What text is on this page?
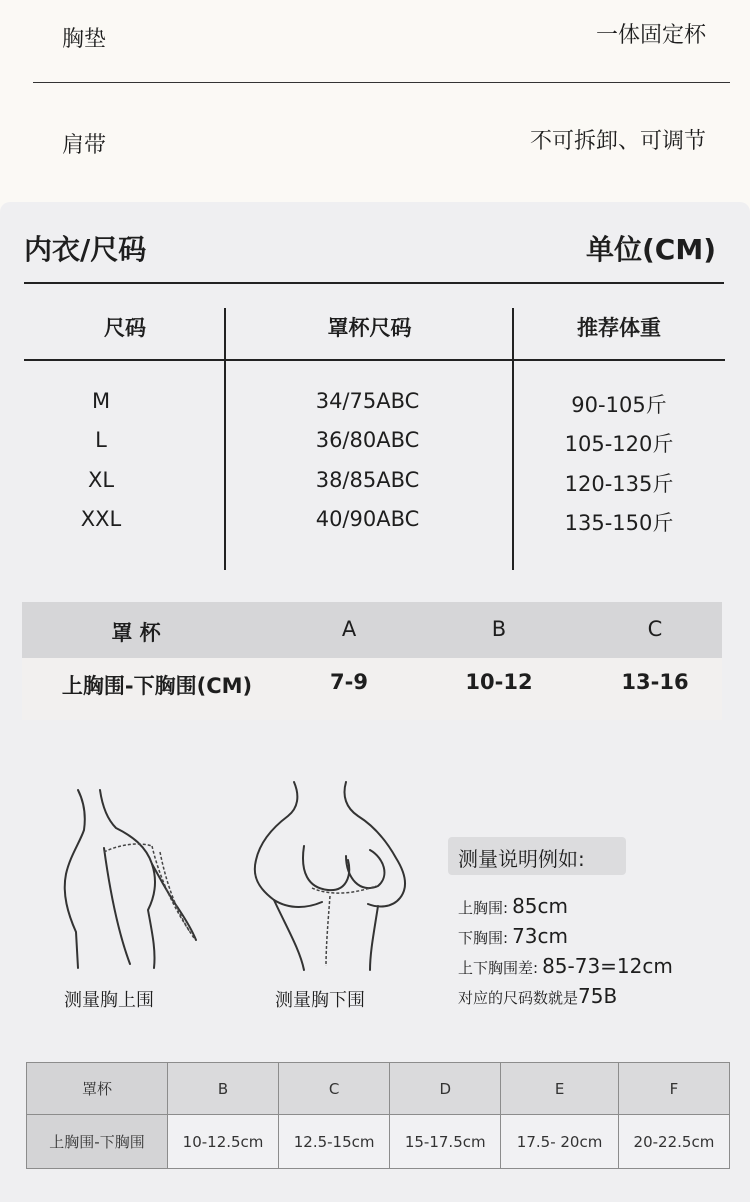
胸垫	一体固定杯
肩带	不可拆卸、可调节
内衣/尺码	单位(CM)
尺码	罩杯尺码	推荐体重
M	34/75ABC	90-105斤
L	36/80ABC	105-120斤
XL	38/85ABC	120-135斤
XXL	40/90ABC	135-150斤
罩 杯	A	B	C
上胸围-下胸围(CM)	7-9	10-12	13-16
测量胸上围	测量胸下围
测量说明例如:
上胸围: 85cm
下胸围: 73cm
上下胸围差: 85-73=12cm
对应的尺码数就是75B
罩杯	B	C	D	E	F
上胸围-下胸围	10-12.5cm	12.5-15cm	15-17.5cm	17.5- 20cm	20-22.5cm
